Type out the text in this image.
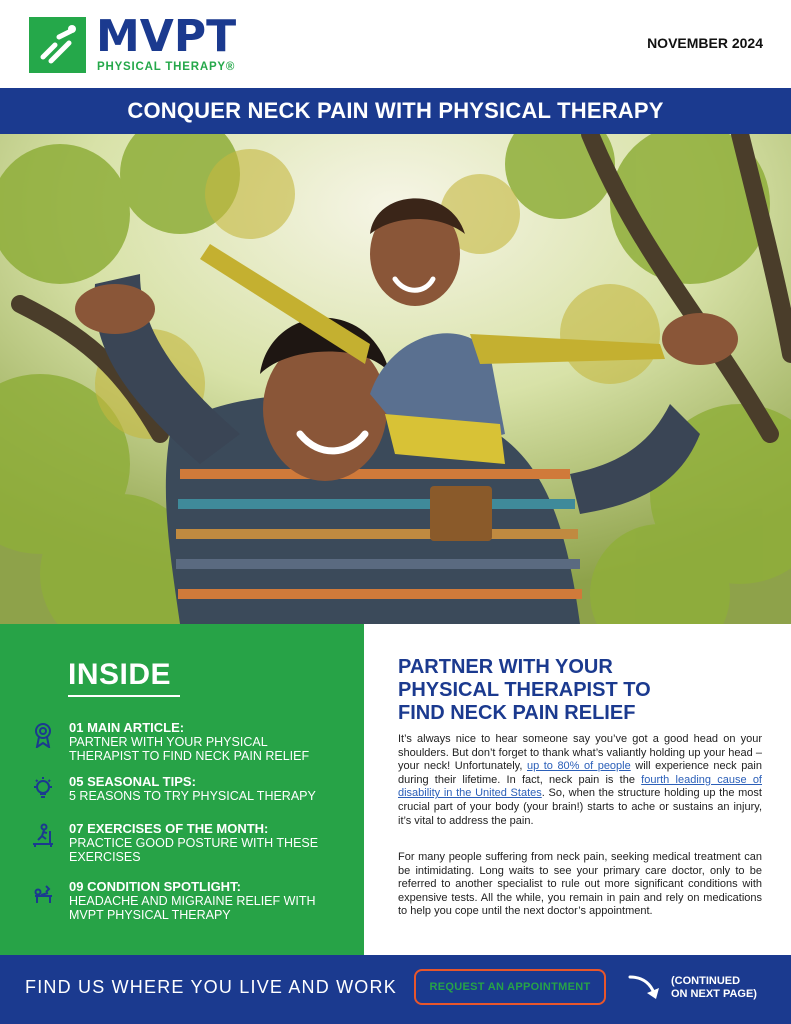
MVPT
PHYSICAL THERAPY®
NOVEMBER 2024
CONQUER NECK PAIN WITH PHYSICAL THERAPY
INSIDE
01 MAIN ARTICLE:
PARTNER WITH YOUR PHYSICAL THERAPIST TO FIND NECK PAIN RELIEF
05 SEASONAL TIPS:
5 REASONS TO TRY PHYSICAL THERAPY
07 EXERCISES OF THE MONTH:
PRACTICE GOOD POSTURE WITH THESE EXERCISES
09 CONDITION SPOTLIGHT:
HEADACHE AND MIGRAINE RELIEF WITH MVPT PHYSICAL THERAPY
PARTNER WITH YOUR PHYSICAL THERAPIST TO FIND NECK PAIN RELIEF

It’s always nice to hear someone say you’ve got a good head on your shoulders. But don’t forget to thank what’s valiantly holding up your head – your neck! Unfortunately, up to 80% of people will experience neck pain during their lifetime. In fact, neck pain is the fourth leading cause of disability in the United States. So, when the structure holding up the most crucial part of your body (your brain!) starts to ache or sustains an injury, it’s vital to address the pain.

For many people suffering from neck pain, seeking medical treatment can be intimidating. Long waits to see your primary care doctor, only to be referred to another specialist to rule out more significant conditions with expensive tests. All the while, you remain in pain and rely on medications to help you cope until the next doctor’s appointment.

FIND US WHERE YOU LIVE AND WORK	REQUEST AN APPOINTMENT	(CONTINUED
ON NEXT PAGE)
